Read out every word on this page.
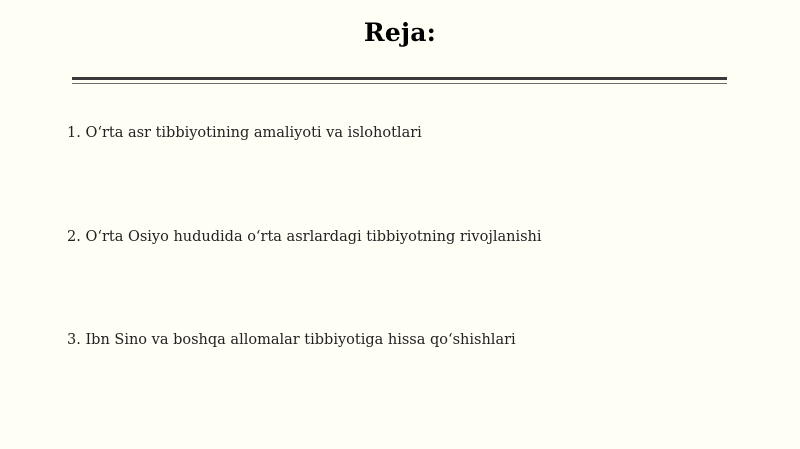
Reja:
1. O‘rta asr tibbiyotining amaliyoti va islohotlari
2. O‘rta Osiyo hududida o‘rta asrlardagi tibbiyotning rivojlanishi
3. Ibn Sino va boshqa allomalar tibbiyotiga hissa qo‘shishlari
